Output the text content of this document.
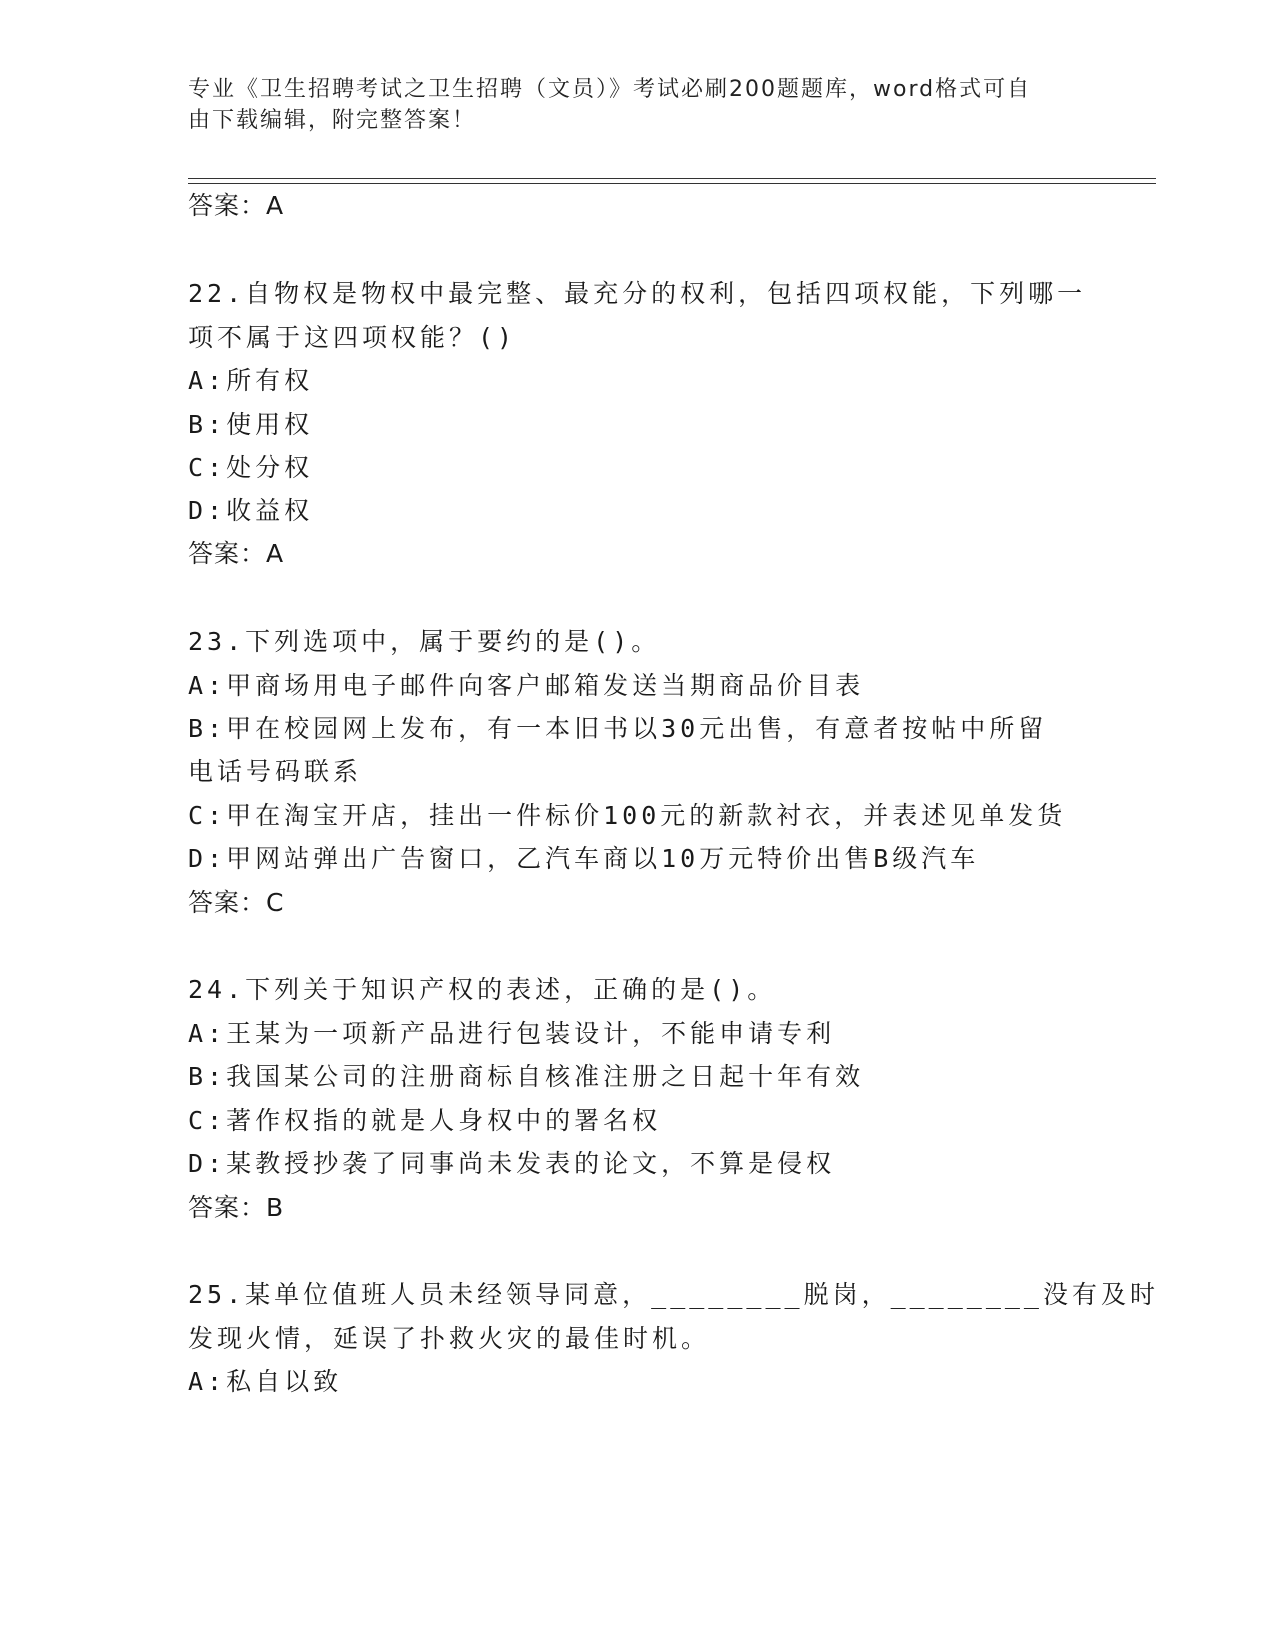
专业《卫生招聘考试之卫生招聘（文员）》考试必刷200题题库，word格式可自
由下载编辑，附完整答案！
答案：A
22.自物权是物权中最完整、最充分的权利，包括四项权能，下列哪一
项不属于这四项权能？()
A:所有权
B:使用权
C:处分权
D:收益权
答案：A
23.下列选项中，属于要约的是()。
A:甲商场用电子邮件向客户邮箱发送当期商品价目表
B:甲在校园网上发布，有一本旧书以30元出售，有意者按帖中所留
电话号码联系
C:甲在淘宝开店，挂出一件标价100元的新款衬衣，并表述见单发货
D:甲网站弹出广告窗口，乙汽车商以10万元特价出售B级汽车
答案：C
24.下列关于知识产权的表述，正确的是()。
A:王某为一项新产品进行包装设计，不能申请专利
B:我国某公司的注册商标自核准注册之日起十年有效
C:著作权指的就是人身权中的署名权
D:某教授抄袭了同事尚未发表的论文，不算是侵权
答案：B
25.某单位值班人员未经领导同意，________脱岗，________没有及时
发现火情，延误了扑救火灾的最佳时机。
A:私自以致
